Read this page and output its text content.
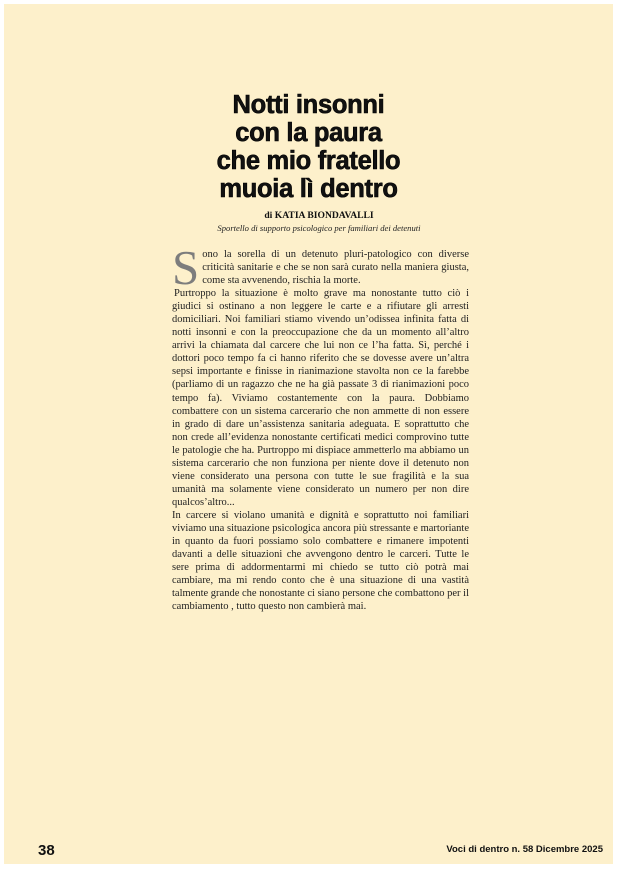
Notti insonni
con la paura
che mio fratello
muoia lì dentro
di KATIA BIONDAVALLI
Sportello di supporto psicologico per familiari dei detenuti

Sono la sorella di un detenuto pluri-patologico con diverse criticità sanitarie e che se non sarà curato nella maniera giusta, come sta avvenendo, rischia la morte.

Purtroppo la situazione è molto grave ma nonostante tutto ciò i giudici si ostinano a non leggere le carte e a rifiutare gli arresti domiciliari. Noi familiari stiamo vivendo un’odissea infinita fatta di notti insonni e con la preoccupazione che da un momento all’altro arrivi la chiamata dal carcere che lui non ce l’ha fatta. Sì, perché i dottori poco tempo fa ci hanno riferito che se dovesse avere un’altra sepsi importante e finisse in rianimazione stavolta non ce la farebbe (parliamo di un ragazzo che ne ha già passate 3 di rianimazioni poco tempo fa). Viviamo costantemente con la paura. Dobbiamo combattere con un sistema carcerario che non ammette di non essere in grado di dare un’assistenza sanitaria adeguata. E soprattutto che non crede all’evidenza nonostante certificati medici comprovino tutte le patologie che ha. Purtroppo mi dispiace ammetterlo ma abbiamo un sistema carcerario che non funziona per niente dove il detenuto non viene considerato una persona con tutte le sue fragilità e la sua umanità ma solamente viene considerato un numero per non dire qualcos’altro...

In carcere si violano umanità e dignità e soprattutto noi familiari viviamo una situazione psicologica ancora più stressante e martoriante in quanto da fuori possiamo solo combattere e rimanere impotenti davanti a delle situazioni che avvengono dentro le carceri. Tutte le sere prima di addormentarmi mi chiedo se tutto ciò potrà mai cambiare, ma mi rendo conto che è una situazione di una vastità talmente grande che nonostante ci siano persone che combattono per il cambiamento , tutto questo non cambierà mai.

38	Voci di dentro n. 58 Dicembre 2025
